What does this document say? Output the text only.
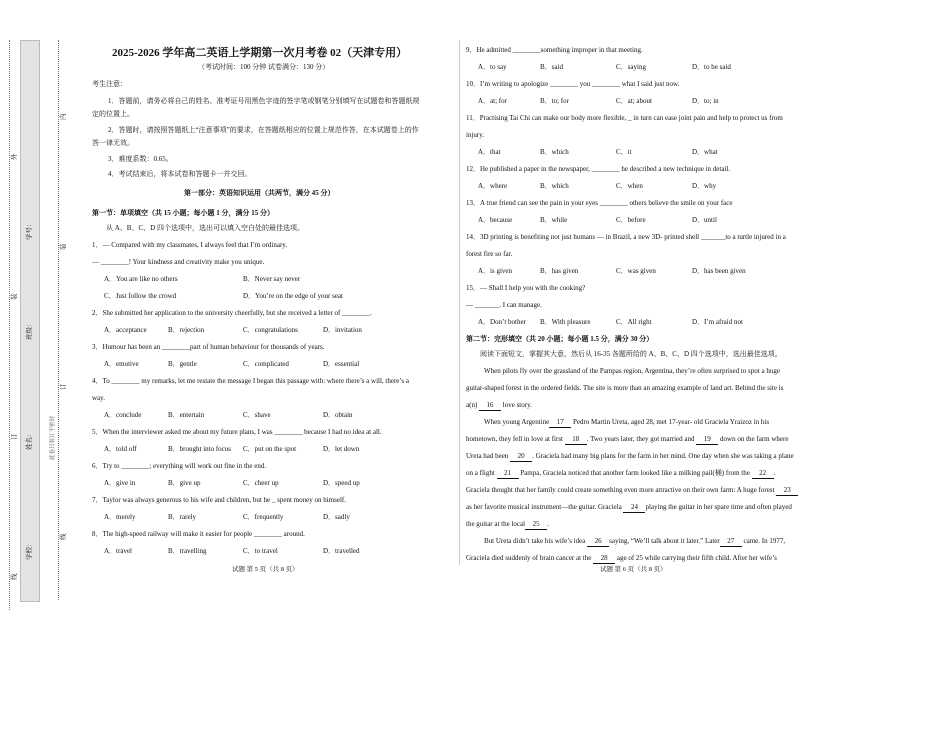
线
订
装
外
学校：
姓名：
班级：
学号：
线
订
装
内
此卷只装订不密封
2025-2026 学年高二英语上学期第一次月考卷 02（天津专用）
（考试时间：100 分钟 试卷满分：130 分）
考生注意：
1．答题前，请务必将自己的姓名、准考证号用黑色字迹的签字笔或钢笔分别填写在试题卷和答题纸规
定的位置上。
2．答题时，请按照答题纸上“注意事项”的要求，在答题纸相应的位置上规范作答，在本试题卷上的作
答一律无效。
3．难度系数：0.65。
4．考试结束后，将本试卷和答题卡一并交回。
第一部分：英语知识运用（共两节，满分 45 分）
第一节：单项填空（共 15 小题；每小题 1 分，满分 15 分）
从 A、B、C、D 四个选项中，选出可以填入空白处的最佳选项。
1．— Compared with my classmates, I always feel that I’m ordinary.
— ________! Your kindness and creativity make you unique.
A．You are like no others	B．Never say never
C．Just follow the crowd	D．You’re on the edge of your seat
2．She submitted her application to the university cheerfully, but she received a letter of ________.
A．acceptance	B．rejection	C．congratulations	D．invitation
3．Humour has been an ________part of human behaviour for thousands of years.
A．emotive	B．gentle	C．complicated	D．essential
4．To ________ my remarks, let me restate the message I began this passage with: where there’s a will, there’s a
way.
A．conclude	B．entertain	C．shave	D．obtain
5．When the interviewer asked me about my future plans, I was ________ because I had no idea at all.
A．told off	B．brought into focus C．put on the spot	D．let down
6．Try to ________; everything will work out fine in the end.
A．give in	B．give up	C．cheer up	D．speed up
7．Taylor was always generous to his wife and children, but he _ spent money on himself.
A．merely	B．rarely	C．frequently	D．sadly
8．The high-speed railway will make it easier for people ________ around.
A．travel	B．travelling	C．to travel	D．travelled
试题 第 5 页（共 8 页）
9．He admitted ________something improper in that meeting.
A．to say	B．said	C．saying	D．to be said
10．I’m writing to apologize ________ you ________ what I said just now.
A．at; for	B．to; for	C．at; about	D．to; in
11．Practising Tai Chi can make our body more flexible, _ in turn can ease joint pain and help to protect us from
injury.
A．that	B．which	C．it	D．what
12．He published a paper in the newspaper, ________ he described a new technique in detail.
A．where	B．which	C．when	D．why
13．A true friend can see the pain in your eyes ________ others believe the smile on your face
A．because	B．while	C．before	D．until
14．3D printing is benefiting not just humans — in Brazil, a new 3D- printed shell _______to a turtle injured in a
forest fire so far.
A．is given	B．has given	C．was given	D．has been given
15．— Shall I help you with the cooking?
— _______. I can manage.
A．Don’t bother B．With pleasure	C．All right	D．I’m afraid not
第二节：完形填空（共 20 小题；每小题 1.5 分，满分 30 分）
阅读下面短文，掌握其大意，然后从 16-35 各题所给的 A、B、C、D 四个选项中，选出最佳选项。
When pilots fly over the grassland of the Pampas region, Argentina, they’re often surprised to spot a huge
guitar-shaped forest in the ordered fields. The site is more than an amazing example of land art. Behind the site is
a(n) 16 love story.
When young Argentine 17 Pedro Martin Ureta, aged 28, met 17-year- old Graciela Yraizoz in his
hometown, they fell in love at first 18 . Two years later, they got married and 19 down on the farm where
Ureta had been 20 . Graciela had many big plans for the farm in her mind. One day when she was taking a plane
on a flight 21 Pampa, Graciela noticed that another farm looked like a milking pail(桶) from the 22 .
Graciela thought that her family could create something even more attractive on their own farm: A huge forest 23
as her favorite musical instrument—the guitar. Graciela 24 playing the guitar in her spare time and often played
the guitar at the local 25 .
But Ureta didn’t take his wife’s idea 26 saying, “We’ll talk about it later.” Later 27 came. In 1977,
Graciela died suddenly of brain cancer at the 28 age of 25 while carrying their fifth child. After her wife’s
试题 第 6 页（共 8 页）
